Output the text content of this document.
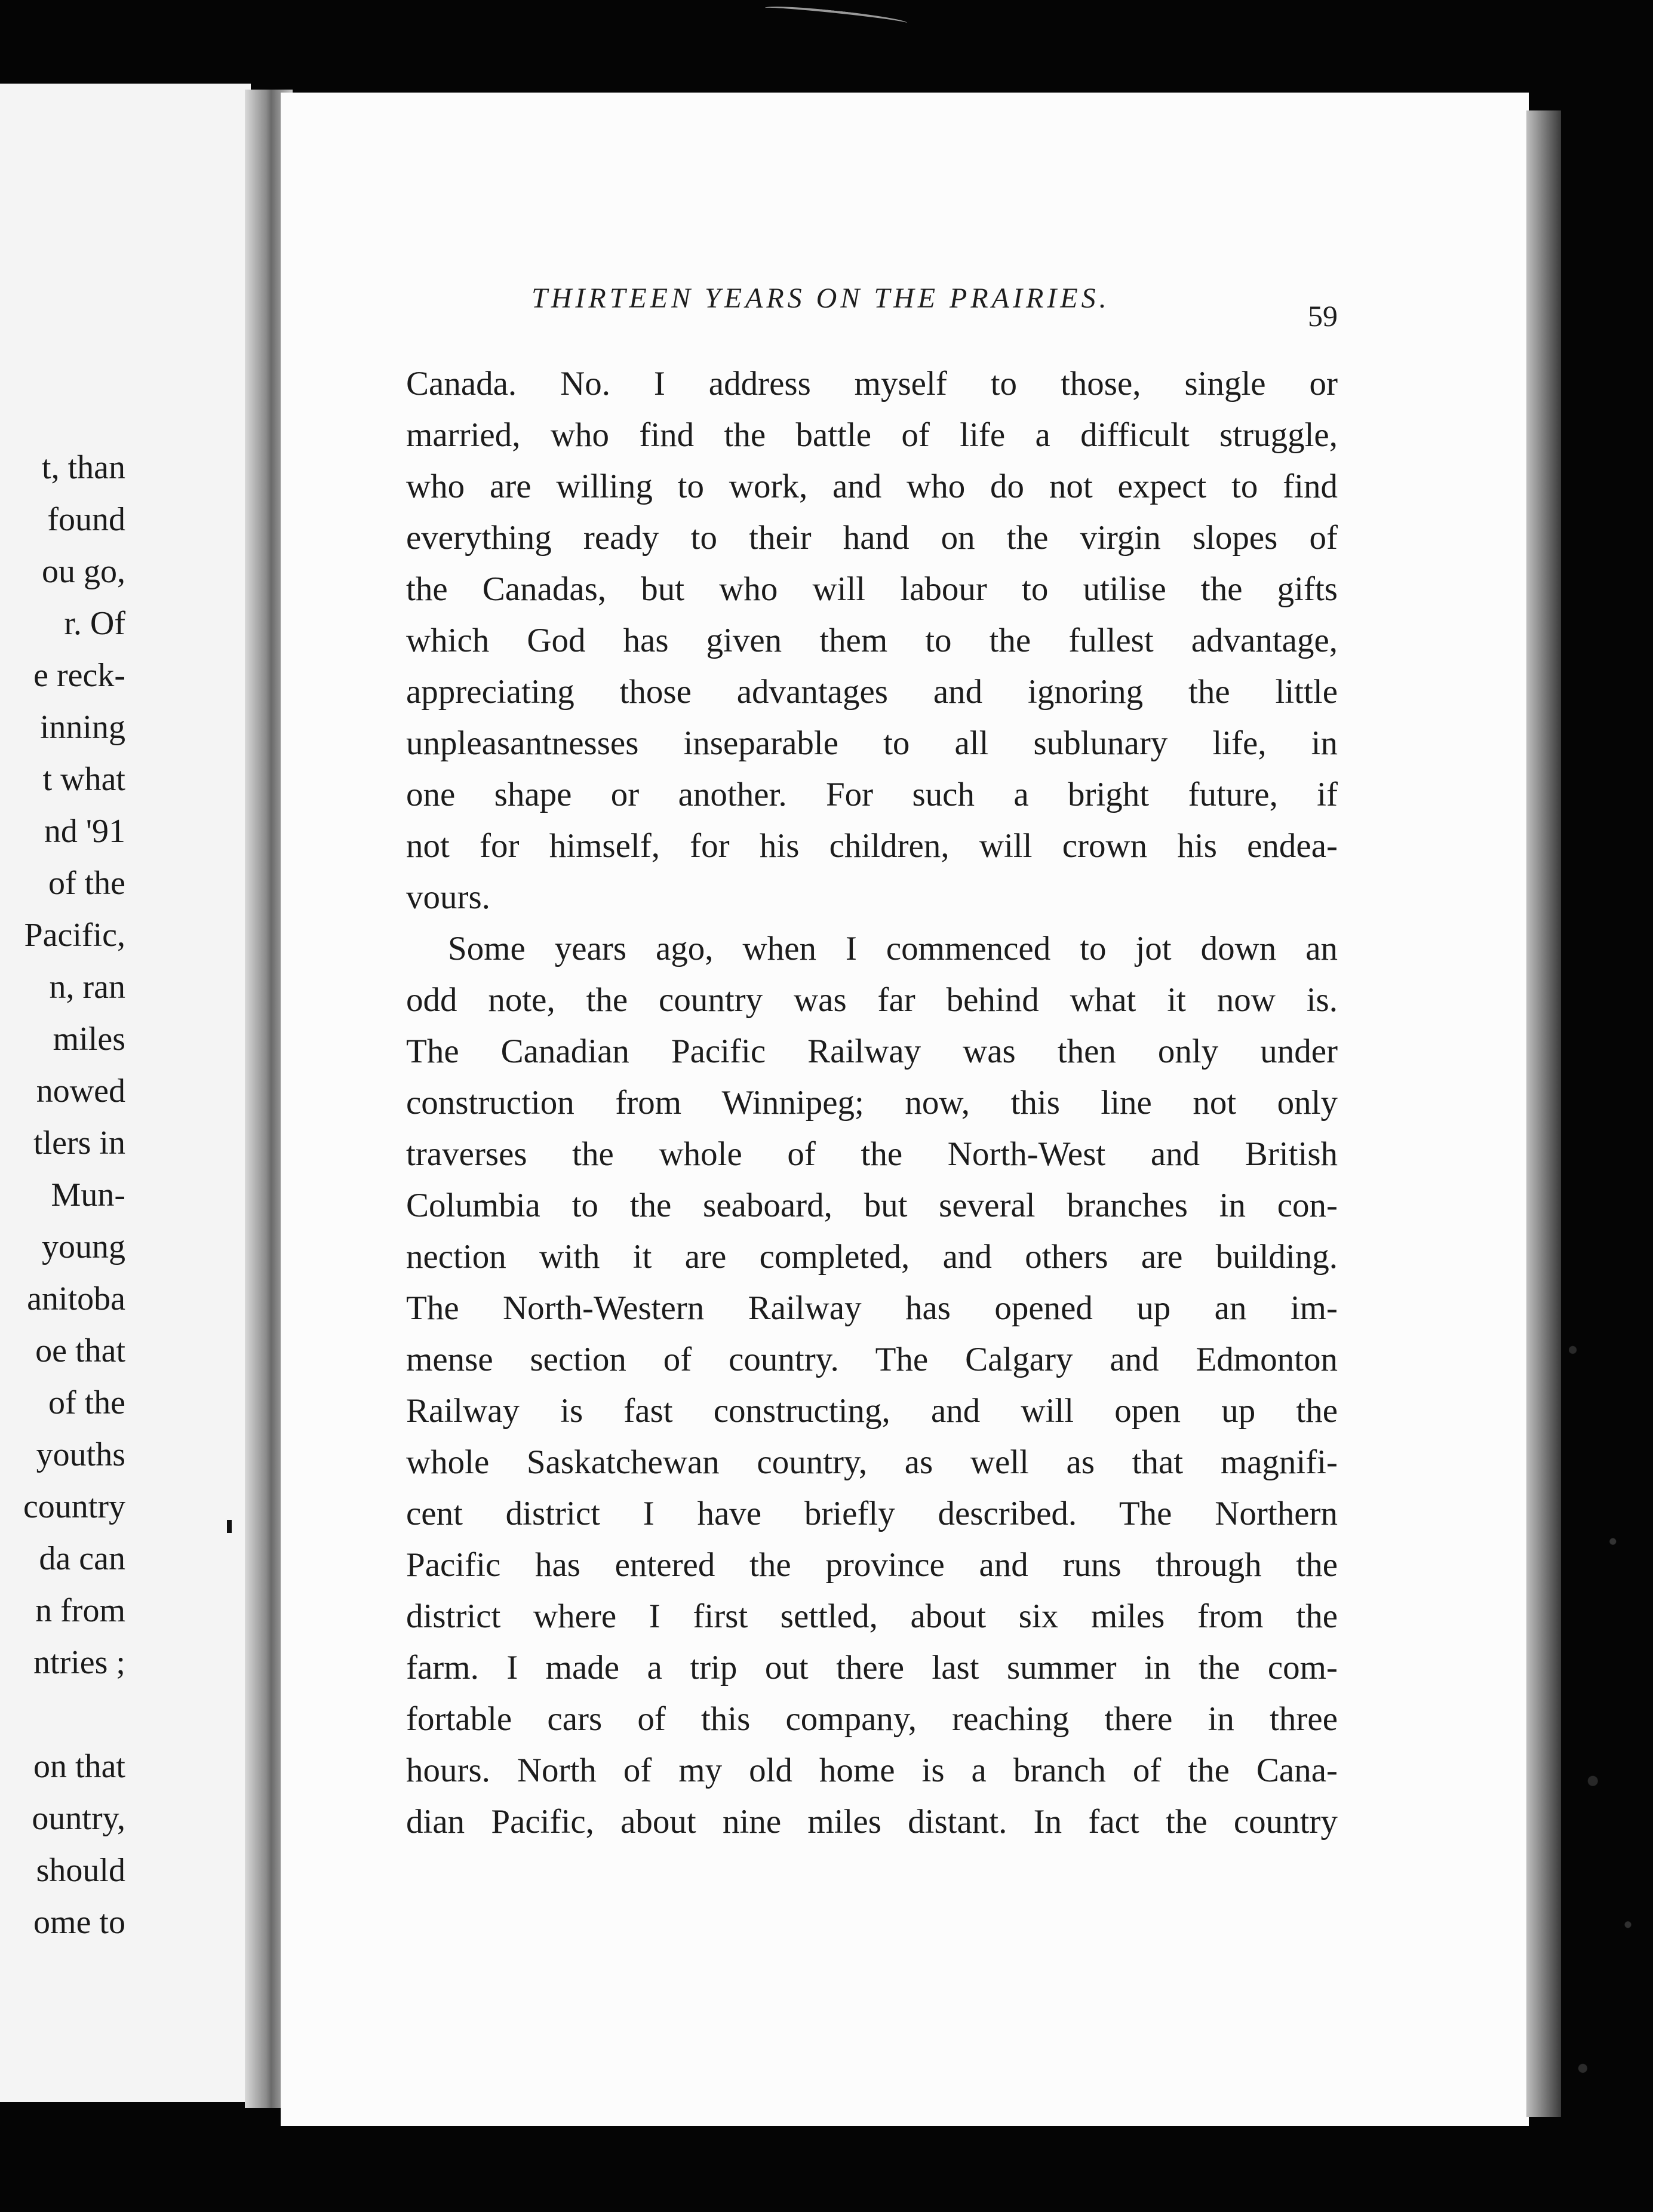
t, than
found
ou go,
r. Of
e reck-
inning
t what
nd '91
of the
Pacific,
n, ran
miles
nowed
tlers in
Mun-
young
anitoba
oe that
of the
youths
country
da can
n from
ntries ;
on that
ountry,
should
ome to
THIRTEEN YEARS ON THE PRAIRIES.
59
Canada. No. I address myself to those, single or
married, who find the battle of life a difficult struggle,
who are willing to work, and who do not expect to find
everything ready to their hand on the virgin slopes of
the Canadas, but who will labour to utilise the gifts
which God has given them to the fullest advantage,
appreciating those advantages and ignoring the little
unpleasantnesses inseparable to all sublunary life, in
one shape or another. For such a bright future, if
not for himself, for his children, will crown his endea-
vours.
Some years ago, when I commenced to jot down an
odd note, the country was far behind what it now is.
The Canadian Pacific Railway was then only under
construction from Winnipeg; now, this line not only
traverses the whole of the North-West and British
Columbia to the seaboard, but several branches in con-
nection with it are completed, and others are building.
The North-Western Railway has opened up an im-
mense section of country. The Calgary and Edmonton
Railway is fast constructing, and will open up the
whole Saskatchewan country, as well as that magnifi-
cent district I have briefly described. The Northern
Pacific has entered the province and runs through the
district where I first settled, about six miles from the
farm. I made a trip out there last summer in the com-
fortable cars of this company, reaching there in three
hours. North of my old home is a branch of the Cana-
dian Pacific, about nine miles distant. In fact the country
